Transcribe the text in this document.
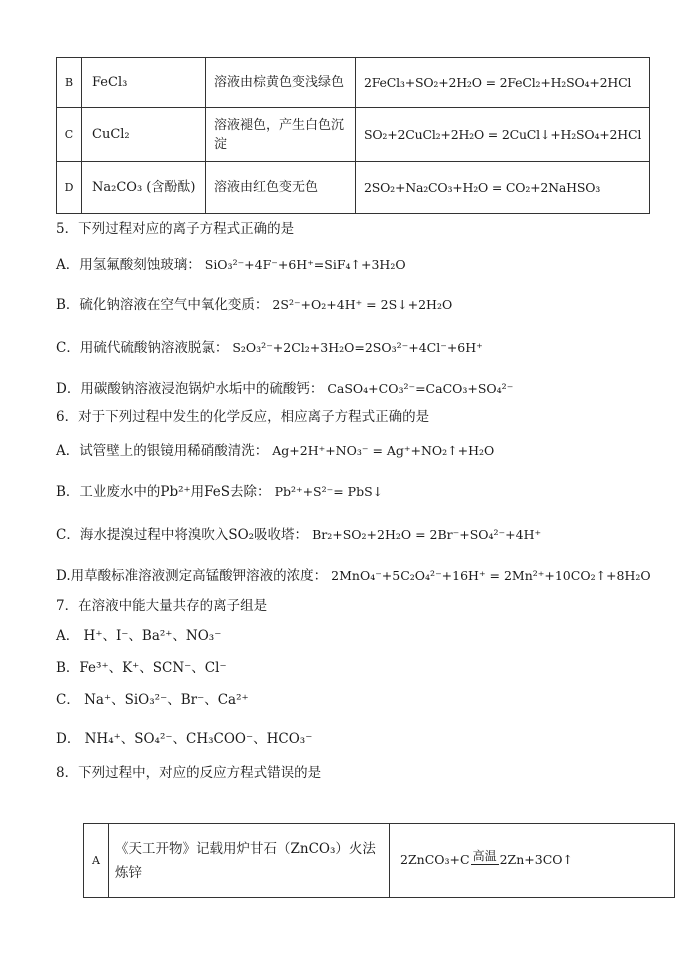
B	FeCl₃	溶液由棕黄色变浅绿色	2FeCl₃+SO₂+2H₂O = 2FeCl₂+H₂SO₄+2HCl
C	CuCl₂	溶液褪色，产生白色沉淀	SO₂+2CuCl₂+2H₂O = 2CuCl↓+H₂SO₄+2HCl
D	Na₂CO₃ (含酚酞)	溶液由红色变无色	2SO₂+Na₂CO₃+H₂O = CO₂+2NaHSO₃
5．下列过程对应的离子方程式正确的是
A．用氢氟酸刻蚀玻璃： SiO₃²⁻+4F⁻+6H⁺=SiF₄↑+3H₂O
B．硫化钠溶液在空气中氧化变质： 2S²⁻+O₂+4H⁺ = 2S↓+2H₂O
C．用硫代硫酸钠溶液脱氯： S₂O₃²⁻+2Cl₂+3H₂O=2SO₃²⁻+4Cl⁻+6H⁺
D．用碳酸钠溶液浸泡锅炉水垢中的硫酸钙： CaSO₄+CO₃²⁻=CaCO₃+SO₄²⁻
6．对于下列过程中发生的化学反应，相应离子方程式正确的是
A．试管壁上的银镜用稀硝酸清洗： Ag+2H⁺+NO₃⁻ = Ag⁺+NO₂↑+H₂O
B．工业废水中的Pb²⁺用FeS去除： Pb²⁺+S²⁻= PbS↓
C．海水提溴过程中将溴吹入SO₂吸收塔： Br₂+SO₂+2H₂O = 2Br⁻+SO₄²⁻+4H⁺
D.用草酸标准溶液测定高锰酸钾溶液的浓度： 2MnO₄⁻+5C₂O₄²⁻+16H⁺ = 2Mn²⁺+10CO₂↑+8H₂O
7．在溶液中能大量共存的离子组是
A． H⁺、I⁻、Ba²⁺、NO₃⁻
B．Fe³⁺、K⁺、SCN⁻、Cl⁻
C． Na⁺、SiO₃²⁻、Br⁻、Ca²⁺
D． NH₄⁺、SO₄²⁻、CH₃COO⁻、HCO₃⁻
8．下列过程中，对应的反应方程式错误的是
A	《天工开物》记载用炉甘石（ZnCO₃）火法炼锌	2ZnCO₃+C 高温 2Zn+3CO↑
